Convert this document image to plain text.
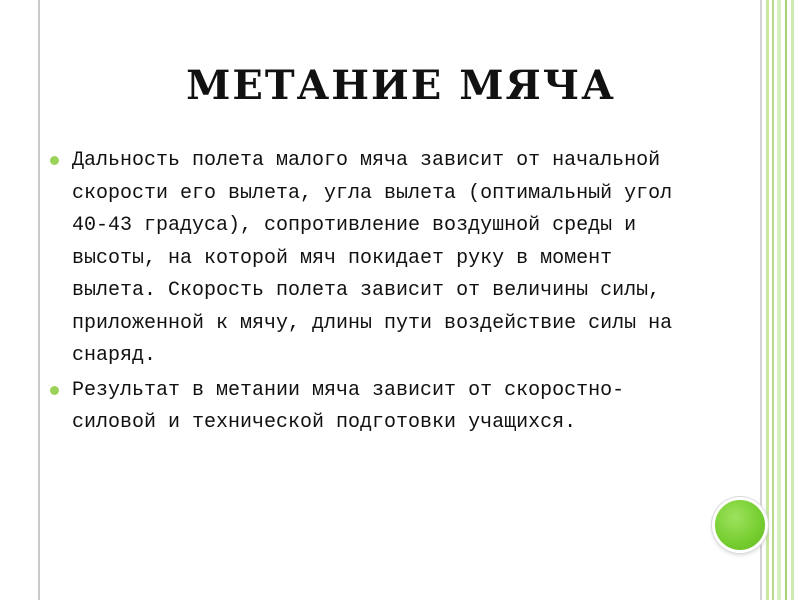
МЕТАНИЕ МЯЧА
Дальность полета малого мяча зависит от начальной скорости его вылета, угла вылета (оптимальный угол 40-43 градуса), сопротивление воздушной среды и высоты, на которой мяч покидает руку в момент вылета. Скорость полета зависит от величины силы, приложенной к мячу, длины пути воздействие силы на снаряд.
Результат в метании мяча зависит от скоростно-силовой и технической подготовки учащихся.
